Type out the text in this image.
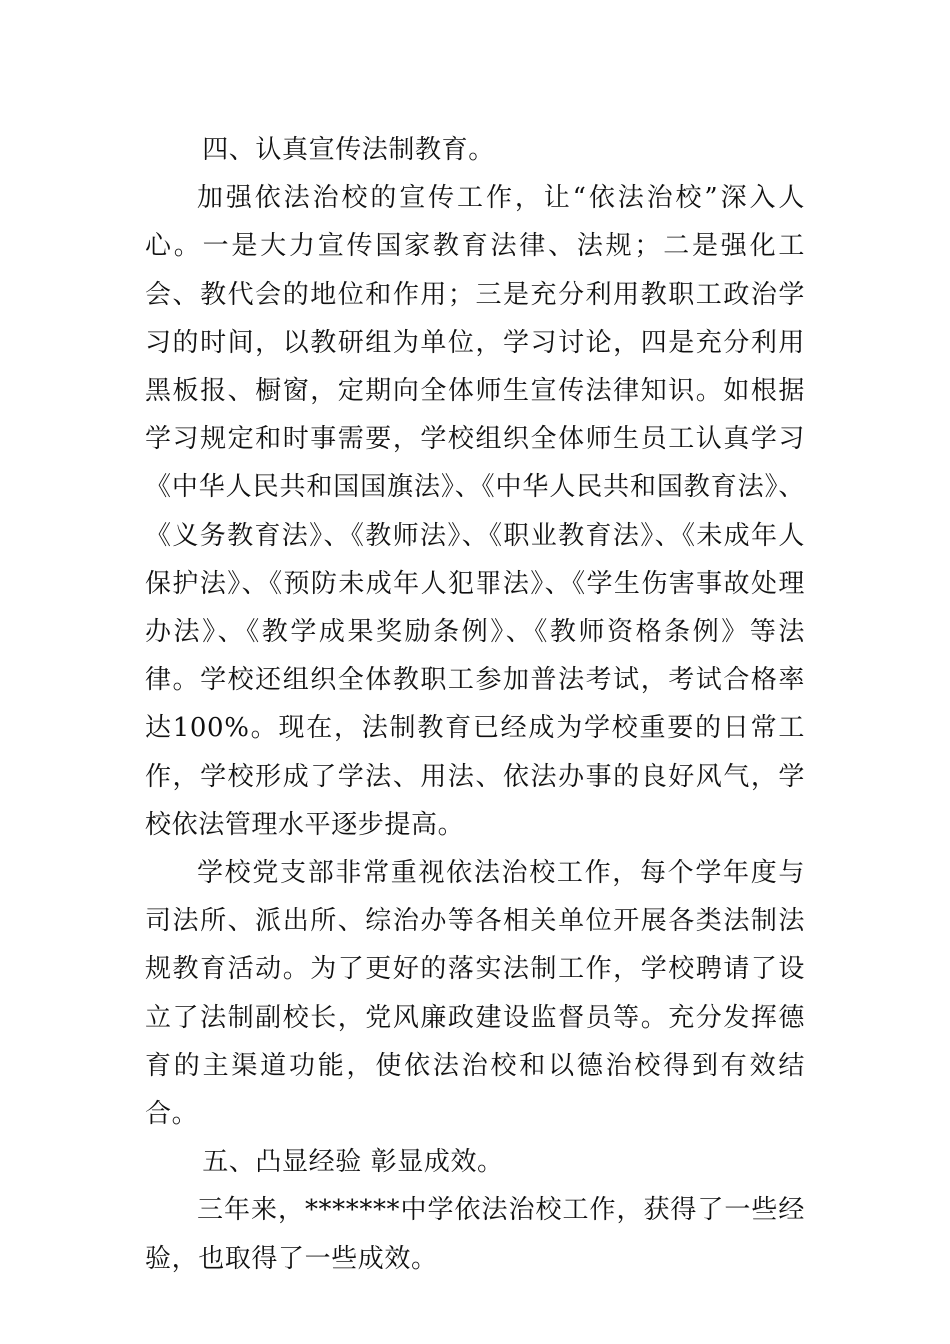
四、认真宣传法制教育。

加强依法治校的宣传工作，让“依法治校”深入人心。一是大力宣传国家教育法律、法规；二是强化工会、教代会的地位和作用；三是充分利用教职工政治学习的时间，以教研组为单位，学习讨论，四是充分利用黑板报、橱窗，定期向全体师生宣传法律知识。如根据学习规定和时事需要，学校组织全体师生员工认真学习《中华人民共和国国旗法》、《中华人民共和国教育法》、《义务教育法》、《教师法》、《职业教育法》、《未成年人保护法》、《预防未成年人犯罪法》、《学生伤害事故处理办法》、《教学成果奖励条例》、《教师资格条例》等法律。学校还组织全体教职工参加普法考试，考试合格率达100%。现在，法制教育已经成为学校重要的日常工作，学校形成了学法、用法、依法办事的良好风气，学校依法管理水平逐步提高。

学校党支部非常重视依法治校工作，每个学年度与司法所、派出所、综治办等各相关单位开展各类法制法规教育活动。为了更好的落实法制工作，学校聘请了设立了法制副校长，党风廉政建设监督员等。充分发挥德育的主渠道功能，使依法治校和以德治校得到有效结合。

五、凸显经验 彰显成效。

三年来，*******中学依法治校工作，获得了一些经验，也取得了一些成效。
